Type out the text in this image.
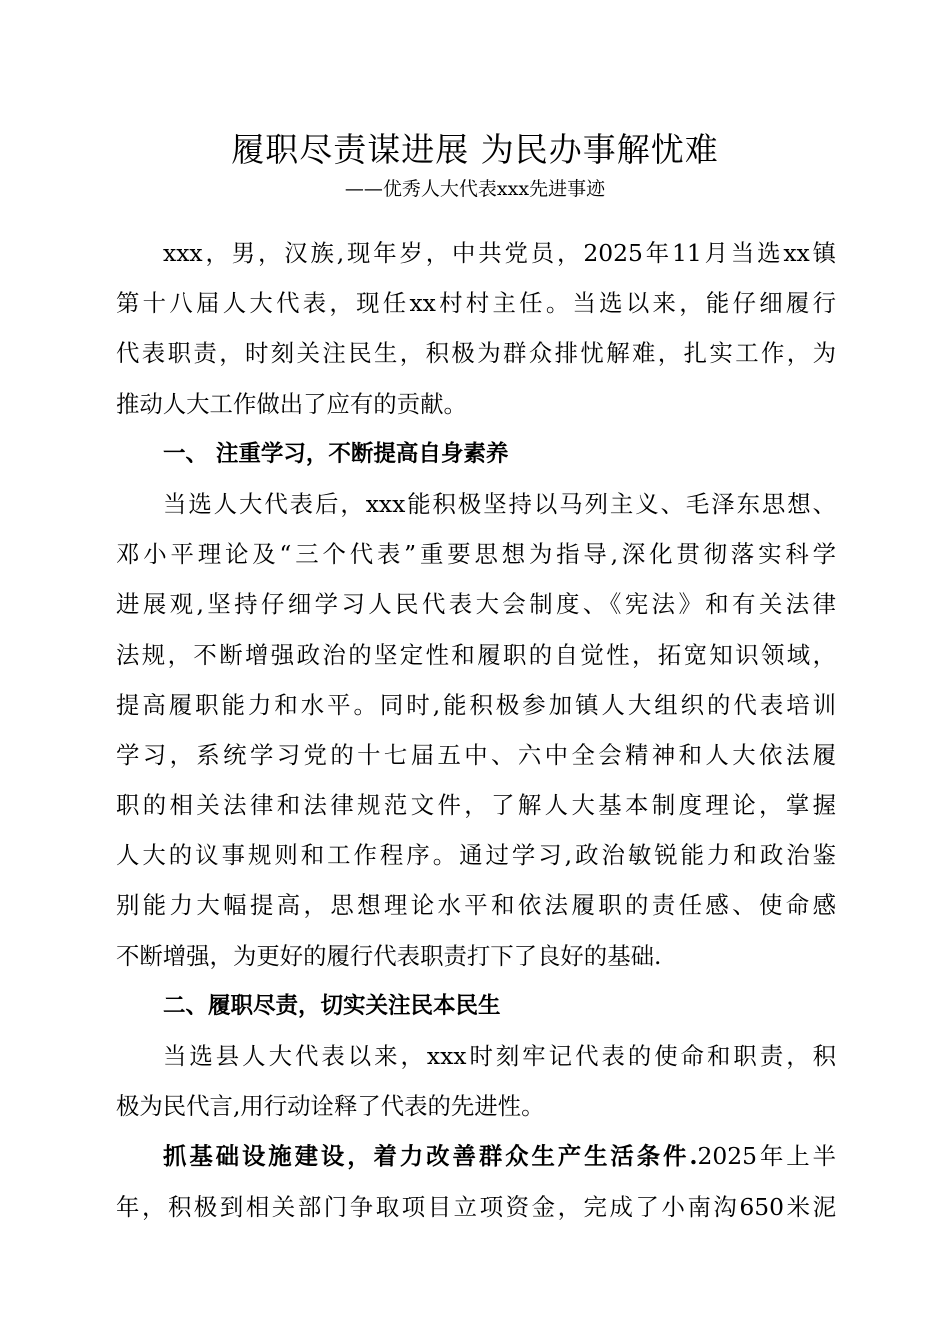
履职尽责谋进展 为民办事解忧难
——优秀人大代表xxx先进事迹
xxx，男，汉族,现年岁，中共党员，2025年11月当选xx镇
第十八届人大代表，现任xx村村主任。当选以来，能仔细履行
代表职责，时刻关注民生，积极为群众排忧解难，扎实工作，为
推动人大工作做出了应有的贡献。
一、 注重学习，不断提高自身素养
当选人大代表后，xxx能积极坚持以马列主义、毛泽东思想、
邓小平理论及“三个代表”重要思想为指导,深化贯彻落实科学
进展观,坚持仔细学习人民代表大会制度、《宪法》和有关法律
法规，不断增强政治的坚定性和履职的自觉性，拓宽知识领域，
提高履职能力和水平。同时,能积极参加镇人大组织的代表培训
学习，系统学习党的十七届五中、六中全会精神和人大依法履
职的相关法律和法律规范文件，了解人大基本制度理论，掌握
人大的议事规则和工作程序。通过学习,政治敏锐能力和政治鉴
别能力大幅提高，思想理论水平和依法履职的责任感、使命感
不断增强，为更好的履行代表职责打下了良好的基础.
二、履职尽责，切实关注民本民生
当选县人大代表以来，xxx时刻牢记代表的使命和职责，积
极为民代言,用行动诠释了代表的先进性。
抓基础设施建设，着力改善群众生产生活条件.2025年上半
年，积极到相关部门争取项目立项资金，完成了小南沟650米泥
